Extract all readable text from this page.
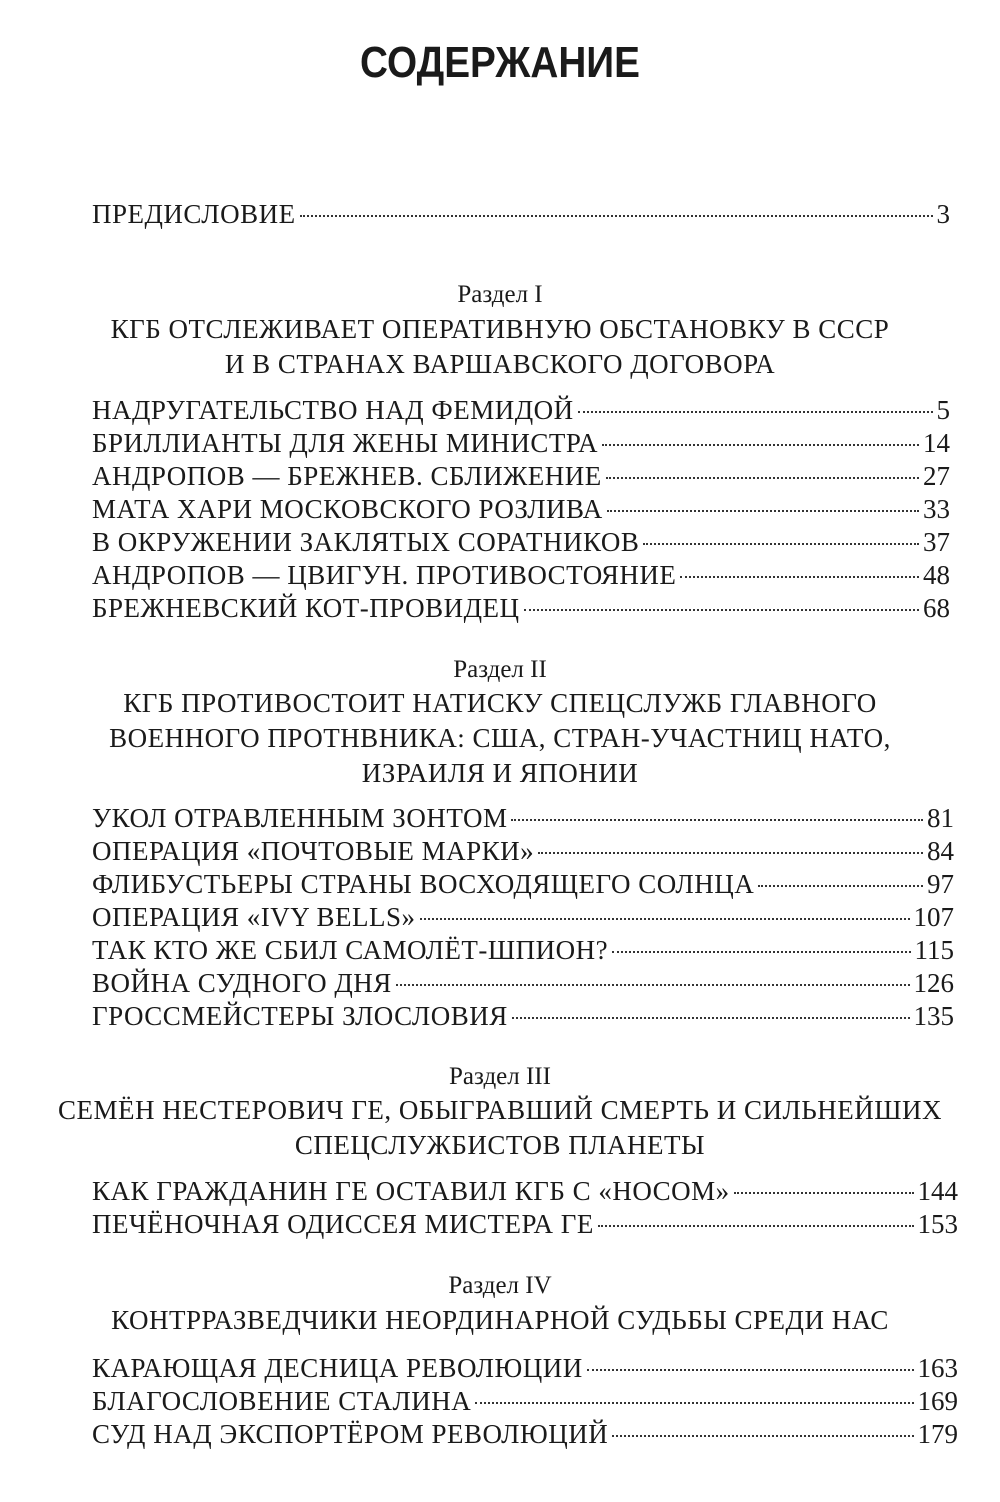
СОДЕРЖАНИЕ
ПРЕДИСЛОВИЕ	3
Раздел I
КГБ ОТСЛЕЖИВАЕТ ОПЕРАТИВНУЮ ОБСТАНОВКУ В СССР
И В СТРАНАХ ВАРШАВСКОГО ДОГОВОРА
НАДРУГАТЕЛЬСТВО НАД ФЕМИДОЙ	5
БРИЛЛИАНТЫ ДЛЯ ЖЕНЫ МИНИСТРА	14
АНДРОПОВ — БРЕЖНЕВ. СБЛИЖЕНИЕ	27
МАТА ХАРИ МОСКОВСКОГО РОЗЛИВА	33
В ОКРУЖЕНИИ ЗАКЛЯТЫХ СОРАТНИКОВ	37
АНДРОПОВ — ЦВИГУН. ПРОТИВОСТОЯНИЕ	48
БРЕЖНЕВСКИЙ КОТ-ПРОВИДЕЦ	68
Раздел II
КГБ ПРОТИВОСТОИТ НАТИСКУ СПЕЦСЛУЖБ ГЛАВНОГО
ВОЕННОГО ПРОТНВНИКА: США, СТРАН-УЧАСТНИЦ НАТО,
ИЗРАИЛЯ И ЯПОНИИ
УКОЛ ОТРАВЛЕННЫМ ЗОНТОМ	81
ОПЕРАЦИЯ «ПОЧТОВЫЕ МАРКИ»	84
ФЛИБУСТЬЕРЫ СТРАНЫ ВОСХОДЯЩЕГО СОЛНЦА	97
ОПЕРАЦИЯ «IVY BELLS»	107
ТАК КТО ЖЕ СБИЛ САМОЛЁТ-ШПИОН?	115
ВОЙНА СУДНОГО ДНЯ	126
ГРОССМЕЙСТЕРЫ ЗЛОСЛОВИЯ	135
Раздел III
СЕМЁН НЕСТЕРОВИЧ ГЕ, ОБЫГРАВШИЙ СМЕРТЬ И СИЛЬНЕЙШИХ
СПЕЦСЛУЖБИСТОВ ПЛАНЕТЫ
КАК ГРАЖДАНИН ГЕ ОСТАВИЛ КГБ С «НОСОМ»	144
ПЕЧЁНОЧНАЯ ОДИССЕЯ МИСТЕРА ГЕ	153
Раздел IV
КОНТРРАЗВЕДЧИКИ НЕОРДИНАРНОЙ СУДЬБЫ СРЕДИ НАС
КАРАЮЩАЯ ДЕСНИЦА РЕВОЛЮЦИИ	163
БЛАГОСЛОВЕНИЕ СТАЛИНА	169
СУД НАД ЭКСПОРТЁРОМ РЕВОЛЮЦИЙ	179
